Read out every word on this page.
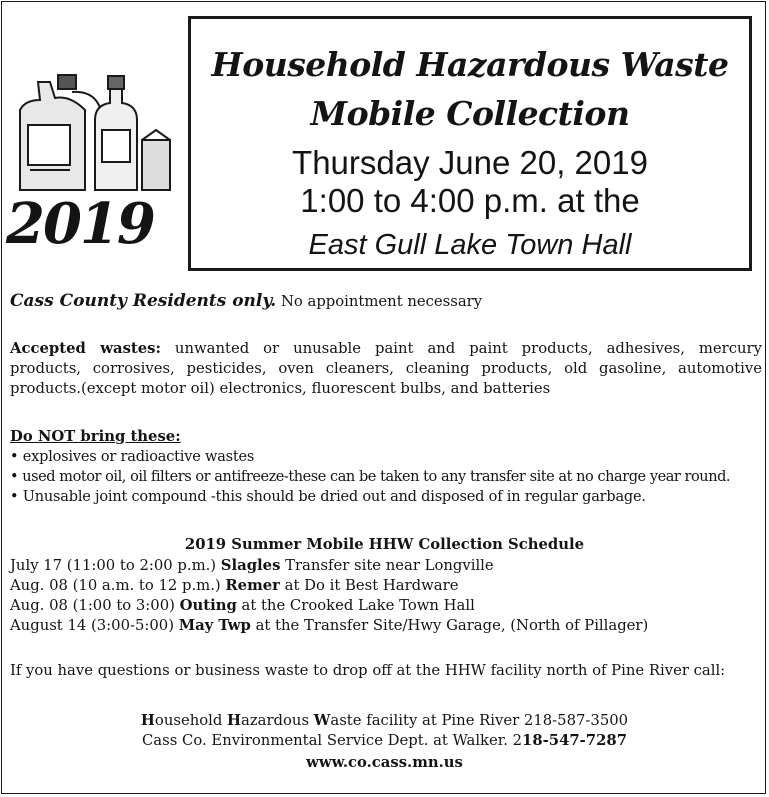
2019
Household Hazardous Waste
Mobile Collection
Thursday June 20, 2019
1:00 to 4:00 p.m. at the
East Gull Lake Town Hall
Cass County Residents only. No appointment necessary
Accepted wastes: unwanted or unusable paint and paint products, adhesives, mercury
products, corrosives, pesticides, oven cleaners, cleaning products, old gasoline, automotive
products.(except motor oil) electronics, fluorescent bulbs, and batteries
Do NOT bring these:
• explosives or radioactive wastes
• used motor oil, oil filters or antifreeze-these can be taken to any transfer site at no charge year round.
• Unusable joint compound -this should be dried out and disposed of in regular garbage.
2019 Summer Mobile HHW Collection Schedule
July 17 (11:00 to 2:00 p.m.) Slagles Transfer site near Longville
Aug. 08 (10 a.m. to 12 p.m.) Remer at Do it Best Hardware
Aug. 08 (1:00 to 3:00) Outing at the Crooked Lake Town Hall
August 14 (3:00-5:00) May Twp at the Transfer Site/Hwy Garage, (North of Pillager)
If you have questions or business waste to drop off at the HHW facility north of Pine River call:
Household Hazardous Waste facility at Pine River 218-587-3500
Cass Co. Environmental Service Dept. at Walker. 218-547-7287
www.co.cass.mn.us
